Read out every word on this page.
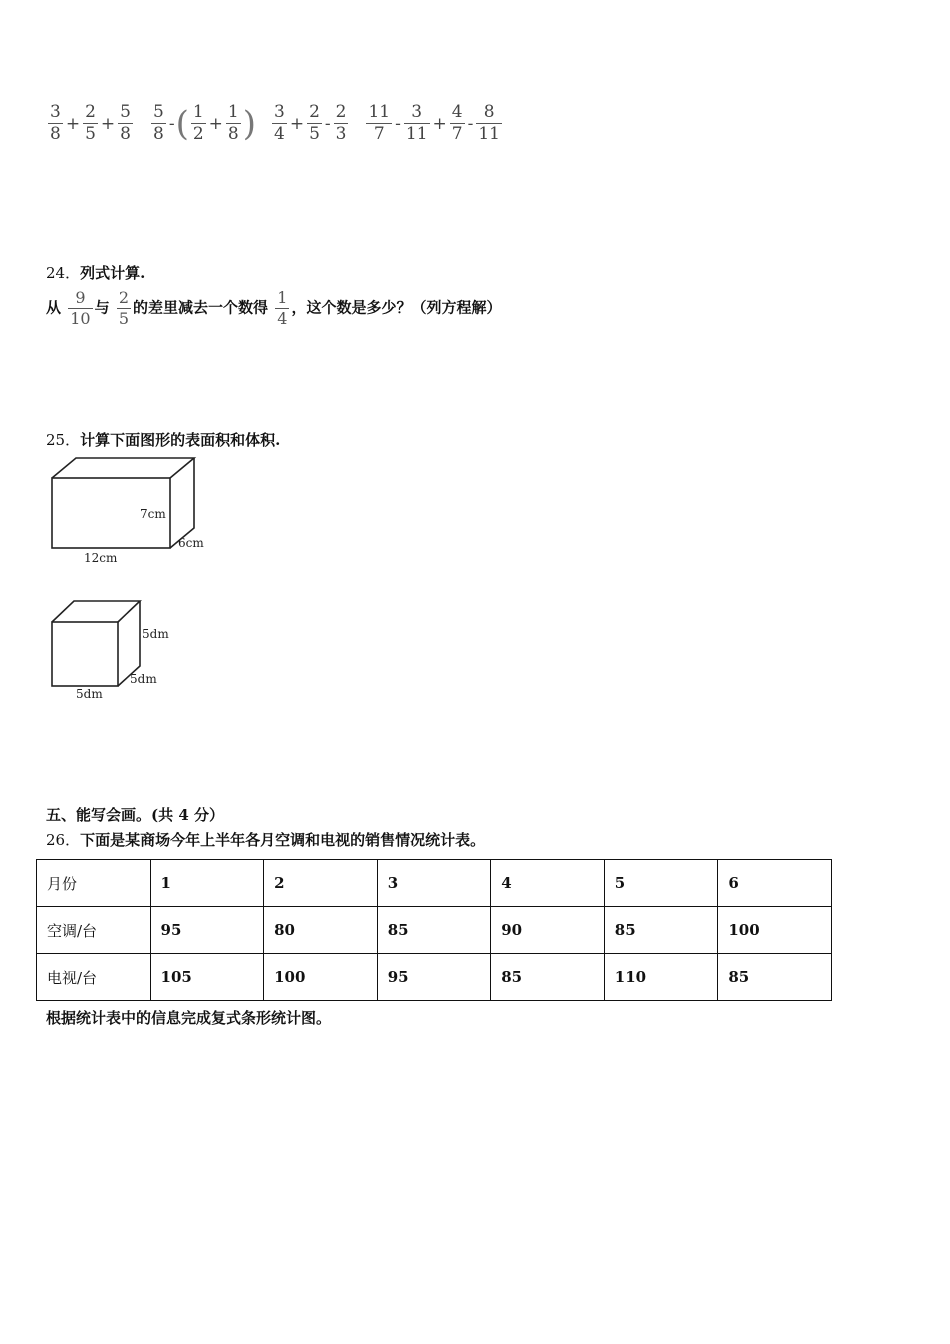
$\frac{3}{8} + \frac{2}{5} + \frac{5}{8} \frac{5}{8}$ -( $\frac{1}{2} + \frac{1}{8}$ ) $\frac{3}{4} + \frac{2}{5} - \frac{2}{3} \frac{11}{7} - \frac{3}{11} + \frac{4}{7} - \frac{8}{11}$
24．列式计算.
从 $\frac{9}{10}$ 与 $\frac{2}{5}$ 的差里减去一个数得 $\frac{1}{4}$ ，这个数是多少？（列方程解）
25．计算下面图形的表面积和体积.
7cm
6cm
12cm
5dm
5dm
5dm
五、能写会画。(共 4 分）
26．下面是某商场今年上半年各月空调和电视的销售情况统计表。
月份	1	2	3	4	5	6
空调/台	95	80	85	90	85	100
电视/台	105	100	95	85	110	85
根据统计表中的信息完成复式条形统计图。
